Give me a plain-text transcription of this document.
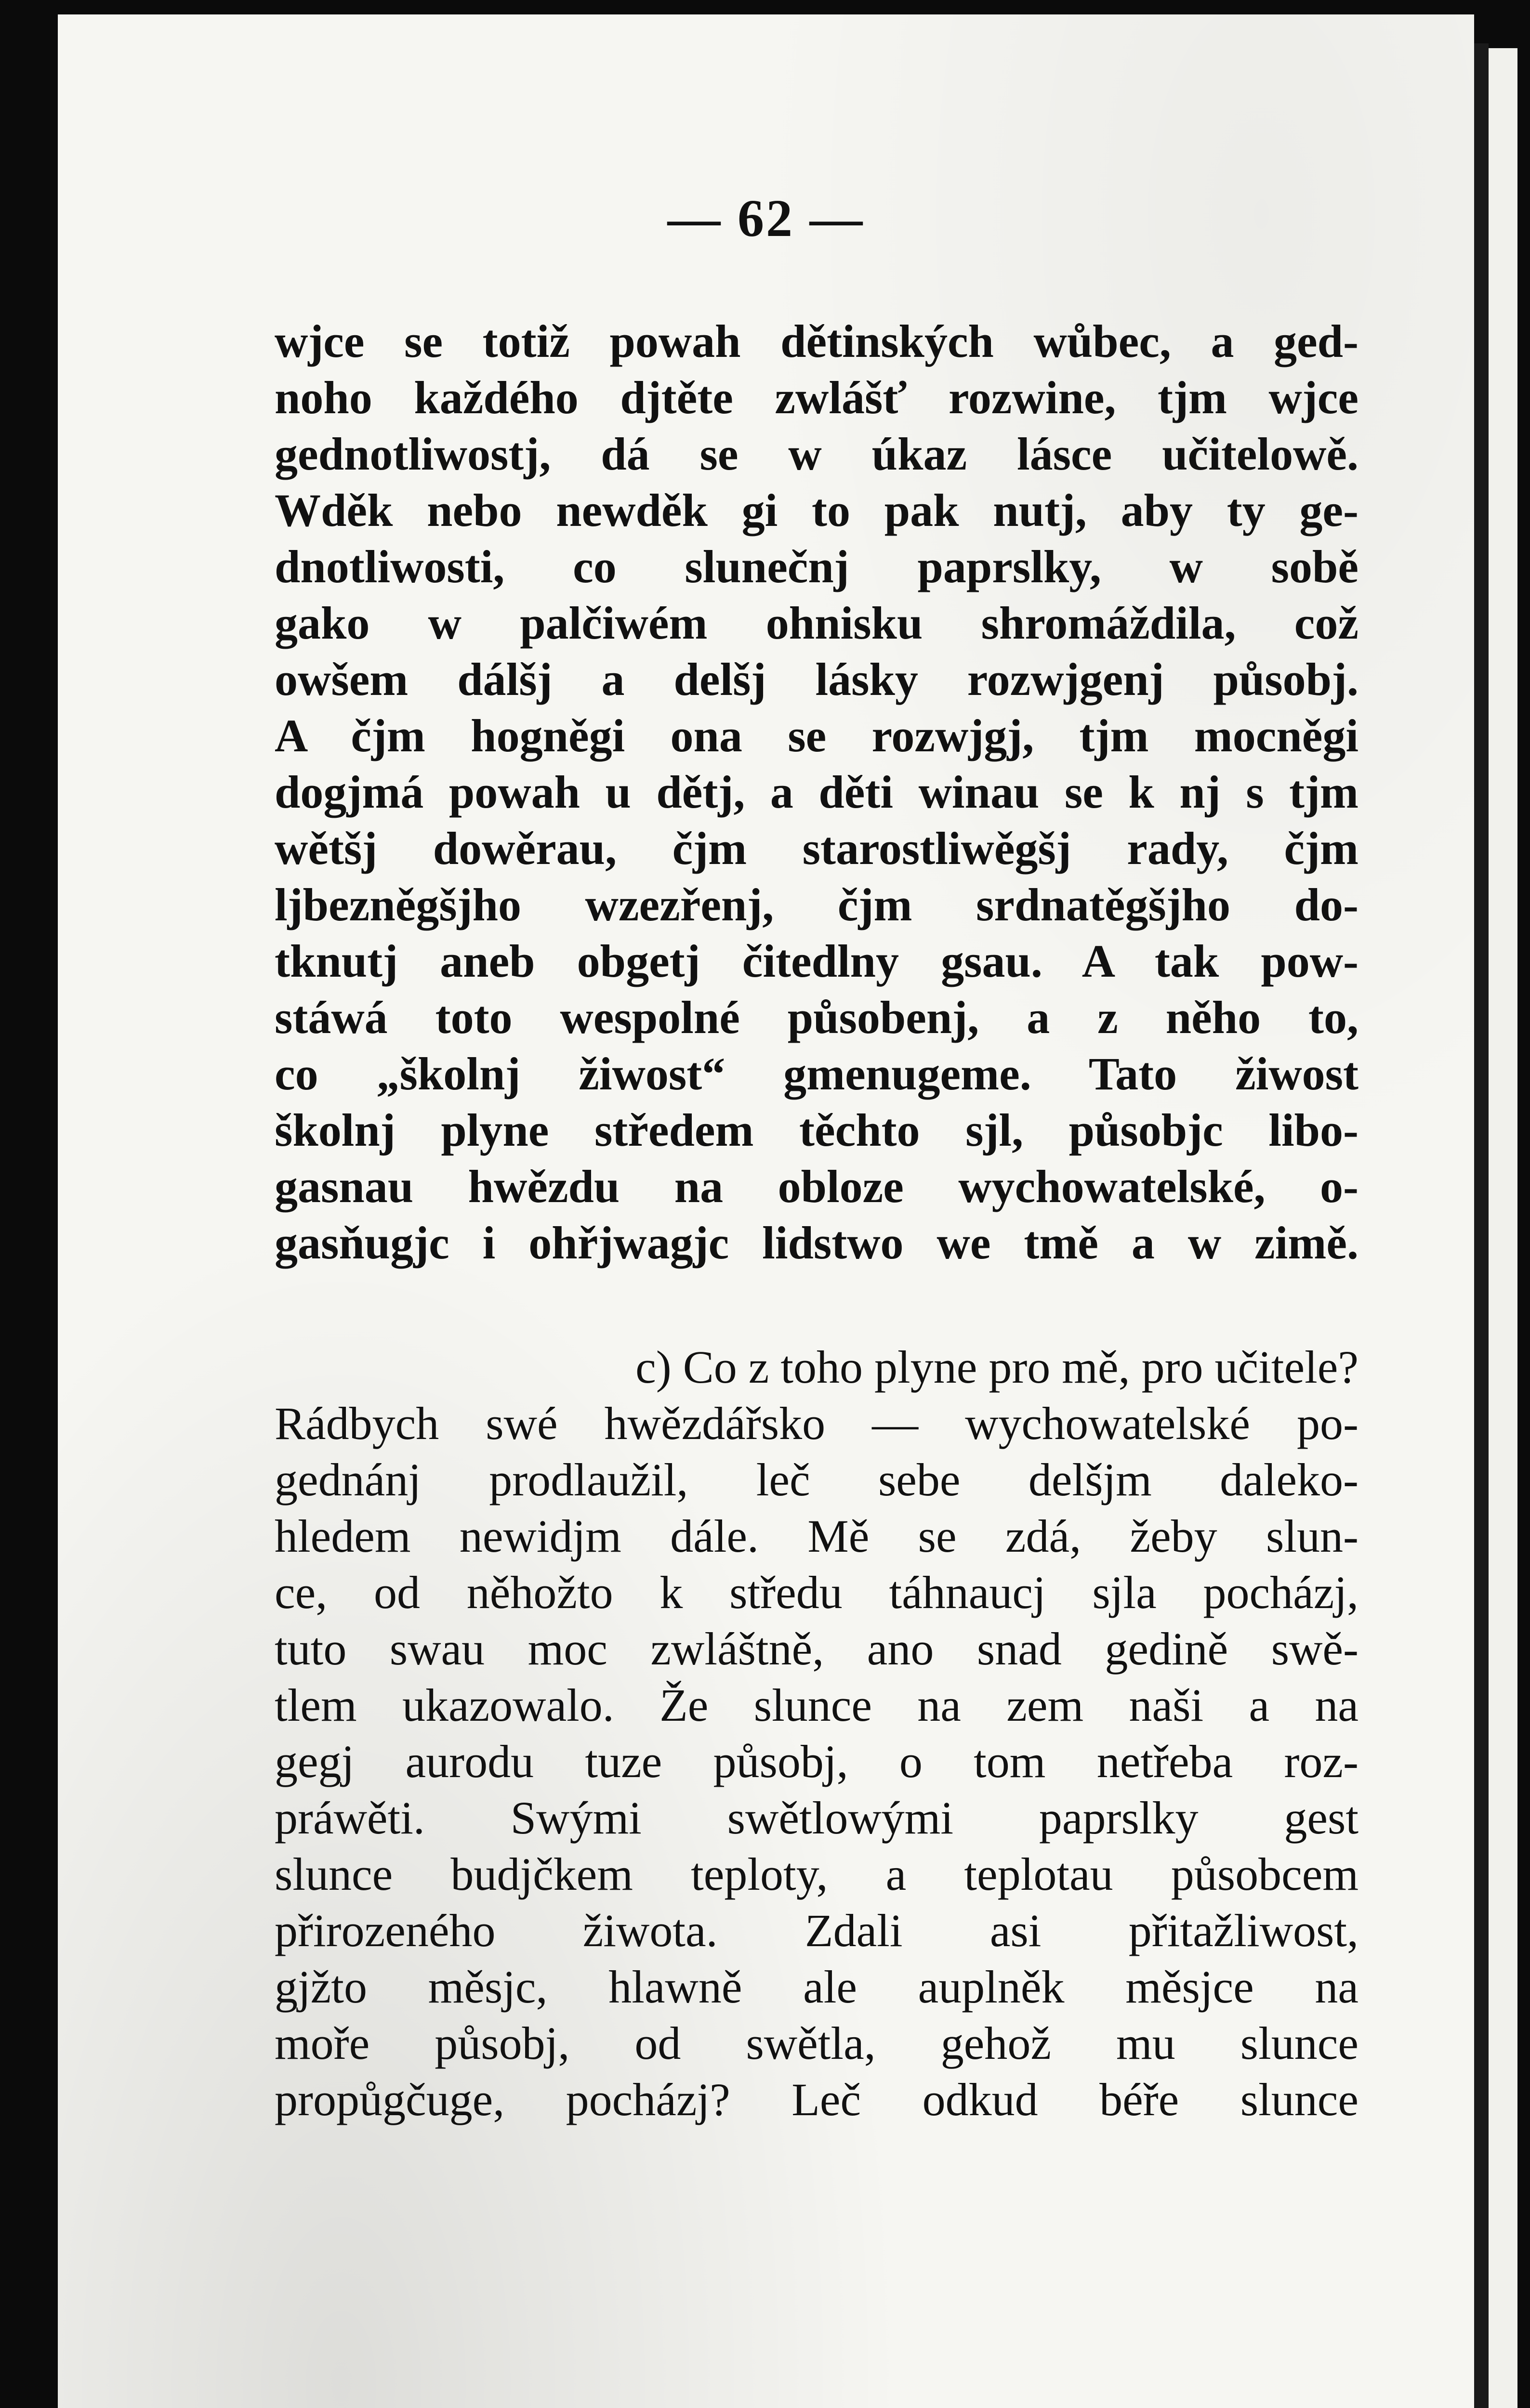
— 62 —
wjce se totiž powah dětinských wůbec, a ged-
noho každého djtěte zwlášť rozwine, tjm wjce
gednotliwostj, dá se w úkaz lásce učitelowě.
Wděk nebo newděk gi to pak nutj, aby ty ge-
dnotliwosti, co slunečnj paprslky, w sobě
gako w palčiwém ohnisku shromáždila, což
owšem dálšj a delšj lásky rozwjgenj působj.
A čjm hogněgi ona se rozwjgj, tjm mocněgi
dogjmá powah u dětj, a děti winau se k nj s tjm
wětšj dowěrau, čjm starostliwěgšj rady, čjm
ljbezněgšjho wzezřenj, čjm srdnatěgšjho do-
tknutj aneb obgetj čitedlny gsau. A tak pow-
stáwá toto wespolné působenj, a z něho to,
co „školnj žiwost“ gmenugeme. Tato žiwost
školnj plyne středem těchto sjl, působjc libo-
gasnau hwězdu na obloze wychowatelské, o-
gasňugjc i ohřjwagjc lidstwo we tmě a w zimě.
c) Co z toho plyne pro mě, pro učitele?
Rádbych swé hwězdářsko — wychowatelské po-
gednánj prodlaužil, leč sebe delšjm daleko-
hledem newidjm dále. Mě se zdá, žeby slun-
ce, od něhožto k středu táhnaucj sjla pocházj,
tuto swau moc zwláštně, ano snad gedině swě-
tlem ukazowalo. Že slunce na zem naši a na
gegj aurodu tuze působj, o tom netřeba roz-
práwěti. Swými swětlowými paprslky gest
slunce budjčkem teploty, a teplotau působcem
přirozeného žiwota. Zdali asi přitažliwost,
gjžto měsjc, hlawně ale auplněk měsjce na
moře působj, od swětla, gehož mu slunce
propůgčuge, pocházj? Leč odkud béře slunce
